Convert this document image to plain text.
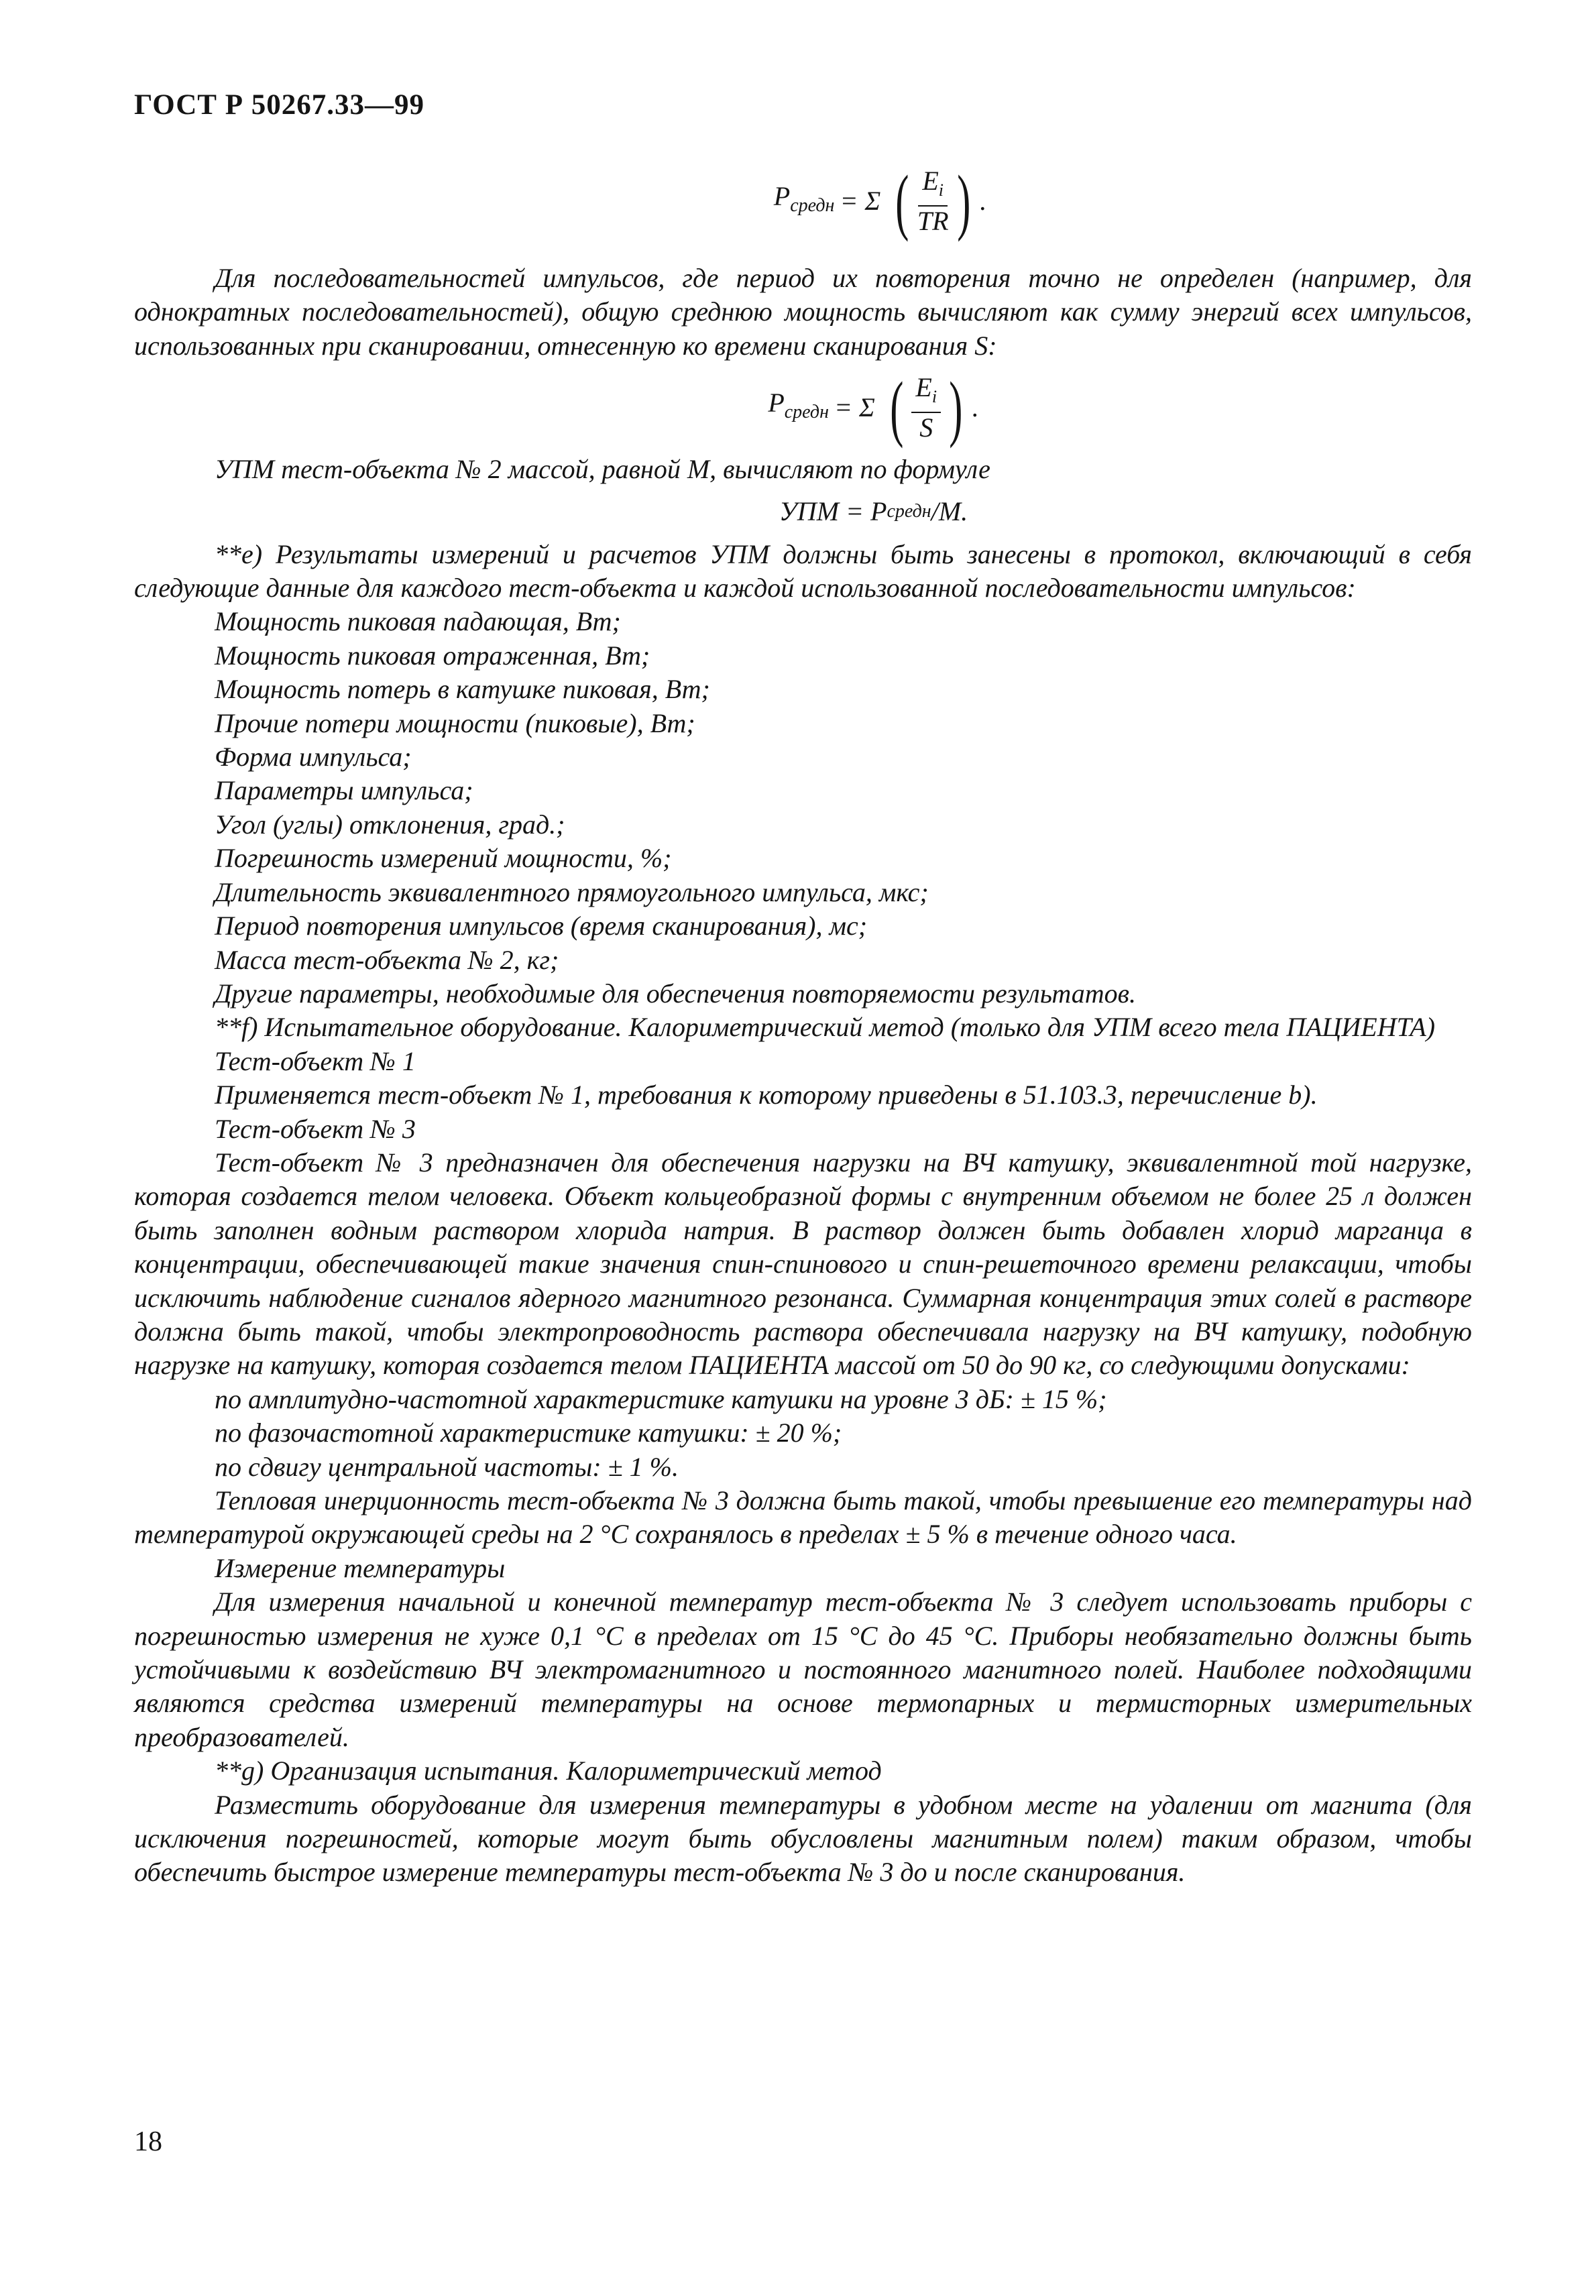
ГОСТ Р 50267.33—99
$P_{средн} = \Sigma$ ( $\frac{E_i}{TR}$ ) .

Для последовательностей импульсов, где период их повторения точно не определен (например, для однократных последовательностей), общую среднюю мощность вычисляют как сумму энергий всех импульсов, использованных при сканировании, отнесенную ко времени сканирования S:

$P_{средн} = \Sigma$ ( $\frac{E_i}{S}$ ) .

УПМ тест-объекта № 2 массой, равной М, вычисляют по формуле

УПМ = P средн /M.

**е) Результаты измерений и расчетов УПМ должны быть занесены в протокол, включающий в себя следующие данные для каждого тест-объекта и каждой использованной последовательности импульсов:

Мощность пиковая падающая, Вт;

Мощность пиковая отраженная, Вт;

Мощность потерь в катушке пиковая, Вт;

Прочие потери мощности (пиковые), Вт;

Форма импульса;

Параметры импульса;

Угол (углы) отклонения, град.;

Погрешность измерений мощности, %;

Длительность эквивалентного прямоугольного импульса, мкс;

Период повторения импульсов (время сканирования), мс;

Масса тест-объекта № 2, кг;

Другие параметры, необходимые для обеспечения повторяемости результатов.

**f) Испытательное оборудование. Калориметрический метод (только для УПМ всего тела ПАЦИЕНТА)

Тест-объект № 1

Применяется тест-объект № 1, требования к которому приведены в 51.103.3, перечисление b).

Тест-объект № 3

Тест-объект № 3 предназначен для обеспечения нагрузки на ВЧ катушку, эквивалентной той нагрузке, которая создается телом человека. Объект кольцеобразной формы с внутренним объемом не более 25 л должен быть заполнен водным раствором хлорида натрия. В раствор должен быть добавлен хлорид марганца в концентрации, обеспечивающей такие значения спин-спинового и спин-решеточного времени релаксации, чтобы исключить наблюдение сигналов ядерного магнитного резонанса. Суммарная концентрация этих солей в растворе должна быть такой, чтобы электропроводность раствора обеспечивала нагрузку на ВЧ катушку, подобную нагрузке на катушку, которая создается телом ПАЦИЕНТА массой от 50 до 90 кг, со следующими допусками:

по амплитудно-частотной характеристике катушки на уровне 3 дБ: ± 15 %;

по фазочастотной характеристике катушки: ± 20 %;

по сдвигу центральной частоты: ± 1 %.

Тепловая инерционность тест-объекта № 3 должна быть такой, чтобы превышение его температуры над температурой окружающей среды на 2 °С сохранялось в пределах ± 5 % в течение одного часа.

Измерение температуры

Для измерения начальной и конечной температур тест-объекта № 3 следует использовать приборы с погрешностью измерения не хуже 0,1 °С в пределах от 15 °С до 45 °С. Приборы необязательно должны быть устойчивыми к воздействию ВЧ электромагнитного и постоянного магнитного полей. Наиболее подходящими являются средства измерений температуры на основе термопарных и термисторных измерительных преобразователей.

**g) Организация испытания. Калориметрический метод

Разместить оборудование для измерения температуры в удобном месте на удалении от магнита (для исключения погрешностей, которые могут быть обусловлены магнитным полем) таким образом, чтобы обеспечить быстрое измерение температуры тест-объекта № 3 до и после сканирования.

18
